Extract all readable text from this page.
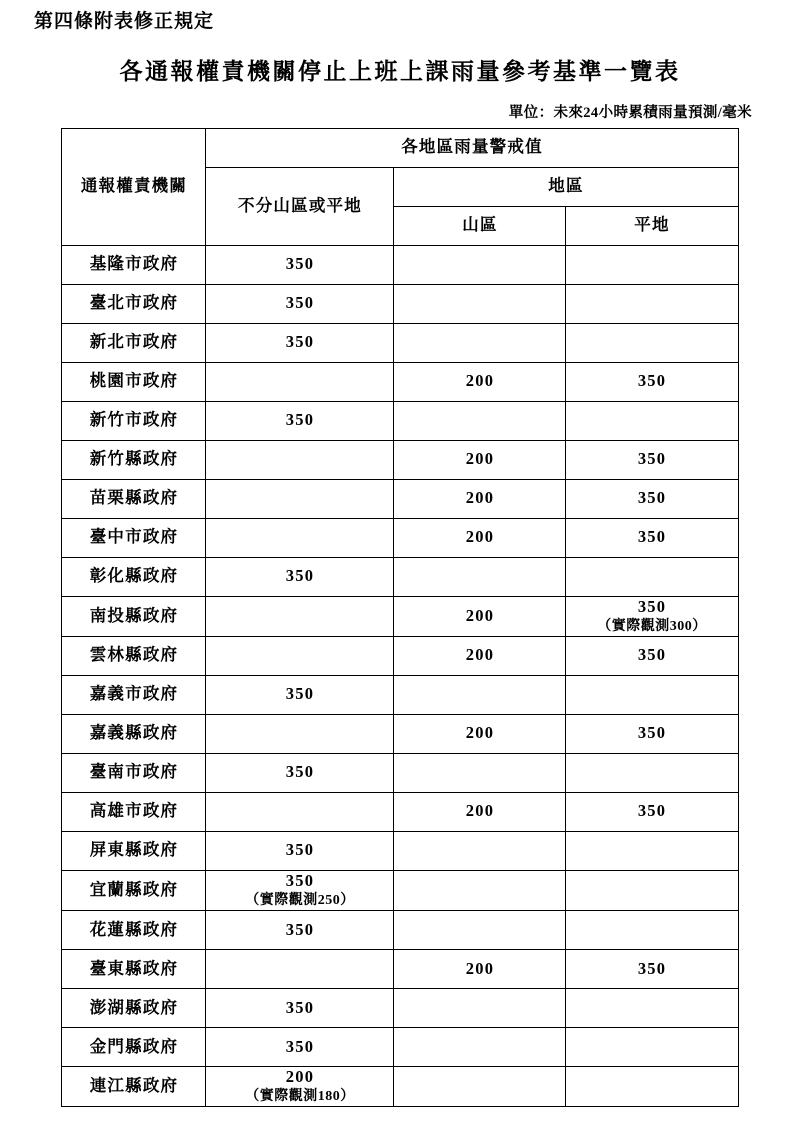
第四條附表修正規定
各通報權責機關停止上班上課雨量參考基準一覽表
單位：未來24小時累積雨量預測/毫米
通報權責機關	各地區雨量警戒值		
	不分山區或平地	地區	
		山區	平地
基隆市政府	350		
臺北市政府	350		
新北市政府	350		
桃園市政府		200	350
新竹市政府	350		
新竹縣政府		200	350
苗栗縣政府		200	350
臺中市政府		200	350
彰化縣政府	350		
南投縣政府		200	350
（實際觀測300）

雲林縣政府		200	350
嘉義市政府	350		
嘉義縣政府		200	350
臺南市政府	350		
高雄市政府		200	350
屏東縣政府	350		
宜蘭縣政府	350
（實際觀測250）		

花蓮縣政府	350		
臺東縣政府		200	350
澎湖縣政府	350		
金門縣政府	350		
連江縣政府	200
（實際觀測180）		
